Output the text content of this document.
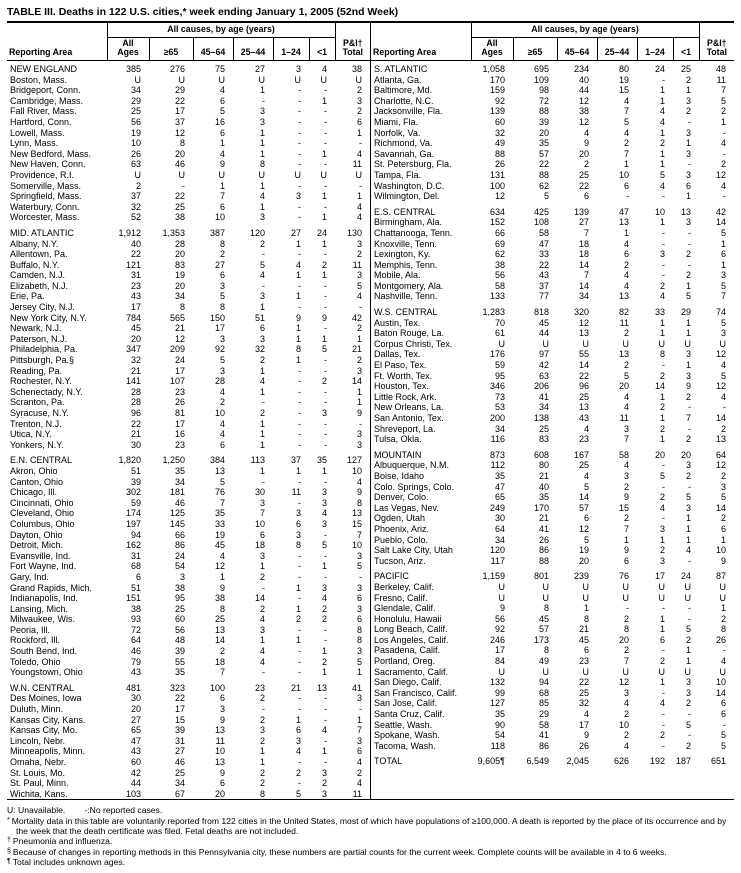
TABLE III. Deaths in 122 U.S. cities,* week ending January 1, 2005 (52nd Week)
	All causes, by age (years)						
Reporting Area	All
Ages	≥65	45–64	25–44	1–24	<1	P&I†
Total
NEW ENGLAND	385	276	75	27	3	4	38
Boston, Mass.	U	U	U	U	U	U	U
Bridgeport, Conn.	34	29	4	1	-	-	2
Cambridge, Mass.	29	22	6	-	-	1	3
Fall River, Mass.	25	17	5	3	-	-	2
Hartford, Conn.	56	37	16	3	-	-	6
Lowell, Mass.	19	12	6	1	-	-	1
Lynn, Mass.	10	8	1	1	-	-	-
New Bedford, Mass.	26	20	4	1	-	1	4
New Haven, Conn.	63	46	9	8	-	-	11
Providence, R.I.	U	U	U	U	U	U	U
Somerville, Mass.	2	-	1	1	-	-	-
Springfield, Mass.	37	22	7	4	3	1	1
Waterbury, Conn.	32	25	6	1	-	-	4
Worcester, Mass.	52	38	10	3	-	1	4

MID. ATLANTIC	1,912	1,353	387	120	27	24	130
Albany, N.Y.	40	28	8	2	1	1	3
Allentown, Pa.	22	20	2	-	-	-	2
Buffalo, N.Y.	121	83	27	5	4	2	11
Camden, N.J.	31	19	6	4	1	1	3
Elizabeth, N.J.	23	20	3	-	-	-	5
Erie, Pa.	43	34	5	3	1	-	4
Jersey City, N.J.	17	8	8	1	-	-	-
New York City, N.Y.	784	565	150	51	9	9	42
Newark, N.J.	45	21	17	6	1	-	2
Paterson, N.J.	20	12	3	3	1	1	1
Philadelphia, Pa.	347	209	92	32	8	5	21
Pittsburgh, Pa.§	32	24	5	2	1	-	2
Reading, Pa.	21	17	3	1	-	-	3
Rochester, N.Y.	141	107	28	4	-	2	14
Schenectady, N.Y.	28	23	4	1	-	-	1
Scranton, Pa.	28	26	2	-	-	-	1
Syracuse, N.Y.	96	81	10	2	-	3	9
Trenton, N.J.	22	17	4	1	-	-	-
Utica, N.Y.	21	16	4	1	-	-	3
Yonkers, N.Y.	30	23	6	1	-	-	3

E.N. CENTRAL	1,820	1,250	384	113	37	35	127
Akron, Ohio	51	35	13	1	1	1	10
Canton, Ohio	39	34	5	-	-	-	4
Chicago, Ill.	302	181	76	30	11	3	9
Cincinnati, Ohio	59	46	7	3	-	3	8
Cleveland, Ohio	174	125	35	7	3	4	13
Columbus, Ohio	197	145	33	10	6	3	15
Dayton, Ohio	94	66	19	6	3	-	7
Detroit, Mich.	162	86	45	18	8	5	10
Evansville, Ind.	31	24	4	3	-	-	3
Fort Wayne, Ind.	68	54	12	1	-	1	5
Gary, Ind.	6	3	1	2	-	-	-
Grand Rapids, Mich.	51	38	9	-	1	3	3
Indianapolis, Ind.	151	95	38	14	-	4	6
Lansing, Mich.	38	25	8	2	1	2	3
Milwaukee, Wis.	93	60	25	4	2	2	6
Peoria, Ill.	72	56	13	3	-	-	8
Rockford, Ill.	64	48	14	1	1	-	8
South Bend, Ind.	46	39	2	4	-	1	3
Toledo, Ohio	79	55	18	4	-	2	5
Youngstown, Ohio	43	35	7	-	-	1	1

W.N. CENTRAL	481	323	100	23	21	13	41
Des Moines, Iowa	30	22	6	2	-	-	3
Duluth, Minn.	20	17	3	-	-	-	-
Kansas City, Kans.	27	15	9	2	1	-	1
Kansas City, Mo.	65	39	13	3	6	4	7
Lincoln, Nebr.	47	31	11	2	3	-	3
Minneapolis, Minn.	43	27	10	1	4	1	6
Omaha, Nebr.	60	46	13	1	-	-	4
St. Louis, Mo.	42	25	9	2	2	3	2
St. Paul, Minn.	44	34	6	2	-	2	4
Wichita, Kans.	103	67	20	8	5	3	11
	All causes, by age (years)						
Reporting Area	All
Ages	≥65	45–64	25–44	1–24	<1	P&I†
Total
S. ATLANTIC	1,058	695	234	80	24	25	48
Atlanta, Ga.	170	109	40	19	-	2	11
Baltimore, Md.	159	98	44	15	1	1	7
Charlotte, N.C.	92	72	12	4	1	3	5
Jacksonville, Fla.	139	88	38	7	4	2	2
Miami, Fla.	60	39	12	5	4	-	1
Norfolk, Va.	32	20	4	4	1	3	-
Richmond, Va.	49	35	9	2	2	1	4
Savannah, Ga.	88	57	20	7	1	3	-
St. Petersburg, Fla.	26	22	2	1	1	-	2
Tampa, Fla.	131	88	25	10	5	3	12
Washington, D.C.	100	62	22	6	4	6	4
Wilmington, Del.	12	5	6	-	-	1	-

E.S. CENTRAL	634	425	139	47	10	13	42
Birmingham, Ala.	152	108	27	13	1	3	14
Chattanooga, Tenn.	66	58	7	1	-	-	5
Knoxville, Tenn.	69	47	18	4	-	-	1
Lexington, Ky.	62	33	18	6	3	2	6
Memphis, Tenn.	38	22	14	2	-	-	1
Mobile, Ala.	56	43	7	4	-	2	3
Montgomery, Ala.	58	37	14	4	2	1	5
Nashville, Tenn.	133	77	34	13	4	5	7

W.S. CENTRAL	1,283	818	320	82	33	29	74
Austin, Tex.	70	45	12	11	1	1	5
Baton Rouge, La.	61	44	13	2	1	1	3
Corpus Christi, Tex.	U	U	U	U	U	U	U
Dallas, Tex.	176	97	55	13	8	3	12
El Paso, Tex.	59	42	14	2	-	1	4
Ft. Worth, Tex.	95	63	22	5	2	3	5
Houston, Tex.	346	206	96	20	14	9	12
Little Rock, Ark.	73	41	25	4	1	2	4
New Orleans, La.	53	34	13	4	2	-	-
San Antonio, Tex.	200	138	43	11	1	7	14
Shreveport, La.	34	25	4	3	2	-	2
Tulsa, Okla.	116	83	23	7	1	2	13

MOUNTAIN	873	608	167	58	20	20	64
Albuquerque, N.M.	112	80	25	4	-	3	12
Boise, Idaho	35	21	4	3	5	2	2
Colo. Springs, Colo.	47	40	5	2	-	-	3
Denver, Colo.	65	35	14	9	2	5	5
Las Vegas, Nev.	249	170	57	15	4	3	14
Ogden, Utah	30	21	6	2	-	1	2
Phoenix, Ariz.	64	41	12	7	3	1	6
Pueblo, Colo.	34	26	5	1	1	1	1
Salt Lake City, Utah	120	86	19	9	2	4	10
Tucson, Ariz.	117	88	20	6	3	-	9

PACIFIC	1,159	801	239	76	17	24	87
Berkeley, Calif.	U	U	U	U	U	U	U
Fresno, Calif.	U	U	U	U	U	U	U
Glendale, Calif.	9	8	1	-	-	-	1
Honolulu, Hawaii	56	45	8	2	1	-	2
Long Beach, Calif.	92	57	21	8	1	5	8
Los Angeles, Calif.	246	173	45	20	6	2	26
Pasadena, Calif.	17	8	6	2	-	1	-
Portland, Oreg.	84	49	23	7	2	1	4
Sacramento, Calif.	U	U	U	U	U	U	U
San Diego, Calif.	132	94	22	12	1	3	10
San Francisco, Calif.	99	68	25	3	-	3	14
San Jose, Calif.	127	85	32	4	4	2	6
Santa Cruz, Calif.	35	29	4	2	-	-	6
Seattle, Wash.	90	58	17	10	-	5	-
Spokane, Wash.	54	41	9	2	2	-	5
Tacoma, Wash.	118	86	26	4	-	2	5

TOTAL	9,605¶	6,549	2,045	626	192	187	651
U: Unavailable.        -:No reported cases.
* Mortality data in this table are voluntarily reported from 122 cities in the United States, most of which have populations of ≥100,000. A death is reported by the place of its occurrence and by the week that the death certificate was filed. Fetal deaths are not included.
† Pneumonia and influenza.
§ Because of changes in reporting methods in this Pennsylvania city, these numbers are partial counts for the current week. Complete counts will be available in 4 to 6 weeks.
¶ Total includes unknown ages.
